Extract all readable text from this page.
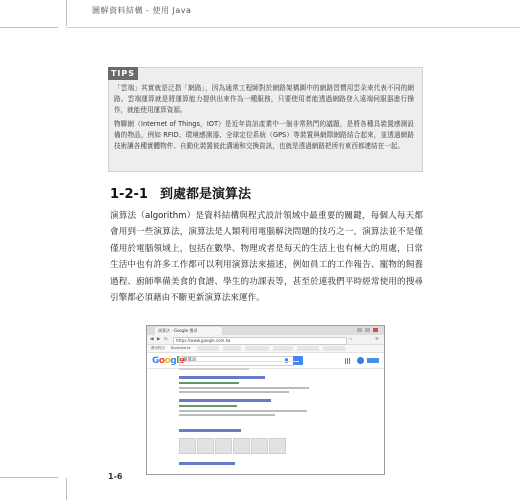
圖解資料結構 - 使用 Java
TIPS

「雲端」其實就是泛指「網路」，因為通常工程師對於網路架構圖中的網路習慣用雲朵來代表不同的網路。雲端運算就是將運算能力提供出來作為一種服務，只要使用者能透過網路登入遠端伺服器進行操作，就能使用運算資源。

物聯網（Internet of Things，IOT）是近年資訊產業中一個非常熱門的議題，是將各種具裝置感測設備的物品，例如 RFID、環境感測器、全球定位系統（GPS）等裝置與網際網路結合起來，並透過網路技術讓各種實體物件、自動化裝置彼此溝通和交換資訊，也就是透過網路把所有東西都連結在一起。

1-2-1 到處都是演算法

演算法（algorithm）是資料結構與程式設計領域中最重要的關鍵，每個人每天都會用到一些演算法，演算法是人類利用電腦解決問題的技巧之一，演算法並不是僅僅用於電腦領域上，包括在數學、物理或者是每天的生活上也有極大的用處，日常生活中也有許多工作都可以利用演算法來描述，例如員工的工作報告、寵物的飼養過程、廚師準備美食的食譜、學生的功課表等，甚至於連我們平時經常使用的搜尋引擎都必須藉由不斷更新演算法來運作。

演算法 - Google 搜尋
◀ ▶ ↻	https://www.google.com.tw	☆	≡
應用程式 Bookmarks
Googl
1-6
